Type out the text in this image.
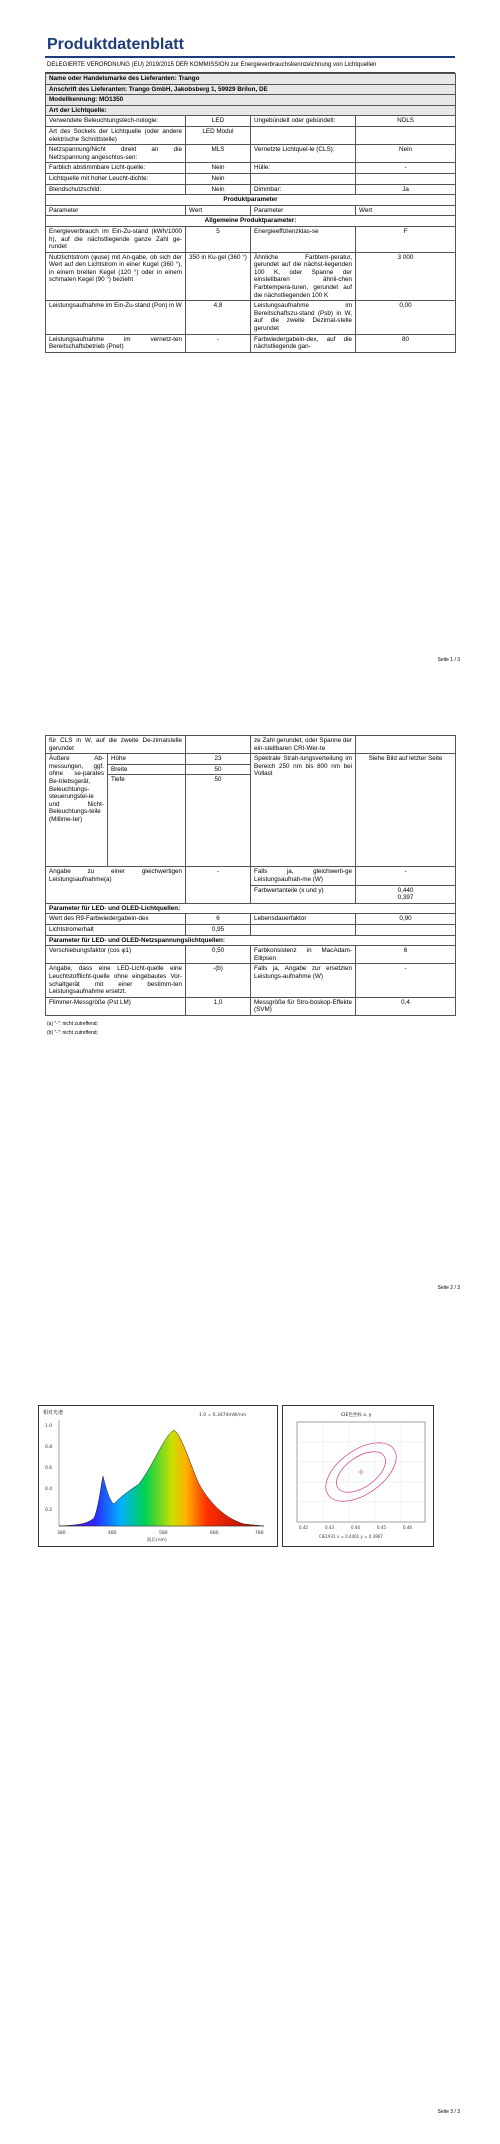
Produktdatenblatt
DELEGIERTE VERORDNUNG (EU) 2019/2015 DER KOMMISSION zur Energieverbrauchskennzeichnung von Lichtquellen
Name oder Handelsmarke des Lieferanten: Trango			
Anschrift des Lieferanten: Trango GmbH, Jakobsberg 1, 59929 Brilon, DE			
Modellkennung: MO1350			
Art der Lichtquelle:			
Verwendete Beleuchtungstech-nologie:	LED	Ungebündelt oder gebündelt:	NDLS
Art des Sockels der Lichtquelle (oder andere elektrische Schnittstelle)	LED Modul		
Netzspannung/Nicht direkt an die Netzspannung angeschlos-sen:	MLS	Vernetzte Lichtquel-le (CLS):	Nein
Farblich abstimmbare Licht-quelle:	Nein	Hülle:	-
Lichtquelle mit hoher Leucht-dichte:	Nein		
Blendschutzschild:	Nein	Dimmbar:	Ja
Produktparameter			
Parameter	Wert	Parameter	Wert
Allgemeine Produktparameter:			
Energieverbrauch im Ein-Zu-stand (kWh/1000 h), auf die nächstliegende ganze Zahl ge-rundet	5	Energieeffizienzklas-se	F
Nutzlichtstrom (φuse) mit An-gabe, ob sich der Wert auf den Lichtstrom in einer Kugel (360 °), in einem breiten Kegel (120 °) oder in einem schmalen Kegel (90 °) bezieht	350 in Ku-gel (360 °)	Ähnliche Farbtem-peratur, gerundet auf die nächst-liegenden 100 K, oder Spanne der einstellbaren ähnli-chen Farbtempera-turen, gerundet auf die nächstliegenden 100 K	3 000
Leistungsaufnahme im Ein-Zu-stand (Pon) in W	4,8	Leistungsaufnahme im Bereitschaftszu-stand (Psb) in W, auf die zweite Dezimal-stelle gerundet	0,00
Leistungsaufnahme im vernetz-ten Bereitschaftsbetrieb (Pnet)	-	Farbwiedergabein-dex, auf die nächstliegende gan-	80
Seite 1 / 3
für CLS in W, auf die zweite De-zimalstelle gerundet			ze Zahl gerundet, oder Spanne der ein-stellbaren CRI-Wer-te	
Äußere Ab-messungen, ggf. ohne se-parates Be-triebsgerät, Beleuchtungs-steuerungstei-le und Nicht-Beleuchtungs-teile (Millime-ter)	Höhe	23	Spektrale Strah-lungsverteilung im Bereich 250 nm bis 800 nm bei Vollast	Siehe Bild auf letzter Seite
	Breite	50		
	Tiefe	50		
Angabe zu einer gleichwertigen Leistungsaufnahme(a)		-	Falls ja, gleichwerti-ge Leistungsaufnah-me (W)	-
			Farbwertanteile (x und y)	0,440
0,397

Parameter für LED- und OLED-Lichtquellen:				
Wert des R9-Farbwiedergabein-dex		6	Lebensdauerfaktor	0,90
Lichtstromerhalt		0,95		
Parameter für LED- und OLED-Netzspannungslichtquellen:				
Verschiebungsfaktor (cos φ1)		0,50	Farbkonsistenz in MacAdam-Ellipsen	6
Angabe, dass eine LED-Licht-quelle eine Leuchtstofflicht-quelle ohne eingebautes Vor-schaltgerät mit einer bestimm-ten Leistungsaufnahme ersetzt.		-(b)	Falls ja, Angabe zur ersetzten Leistungs-aufnahme (W)	-
Flimmer-Messgröße (Pst LM)		1,0	Messgröße für Stro-boskop-Effekte (SVM)	0,4
(a) "-": nicht zutreffend;
(b) "-": nicht zutreffend;
Seite 2 / 3
相对光谱	1.0 = 6.3474mW/nm
1.0
0.8
0.6
0.4
0.2
380	480	580	680	780
波长(nm)
CIE色坐标 x, y
0.42	0.43	0.44	0.45	0.46
CIE1931 x = 0.4401 y = 0.3967
Seite 3 / 3
